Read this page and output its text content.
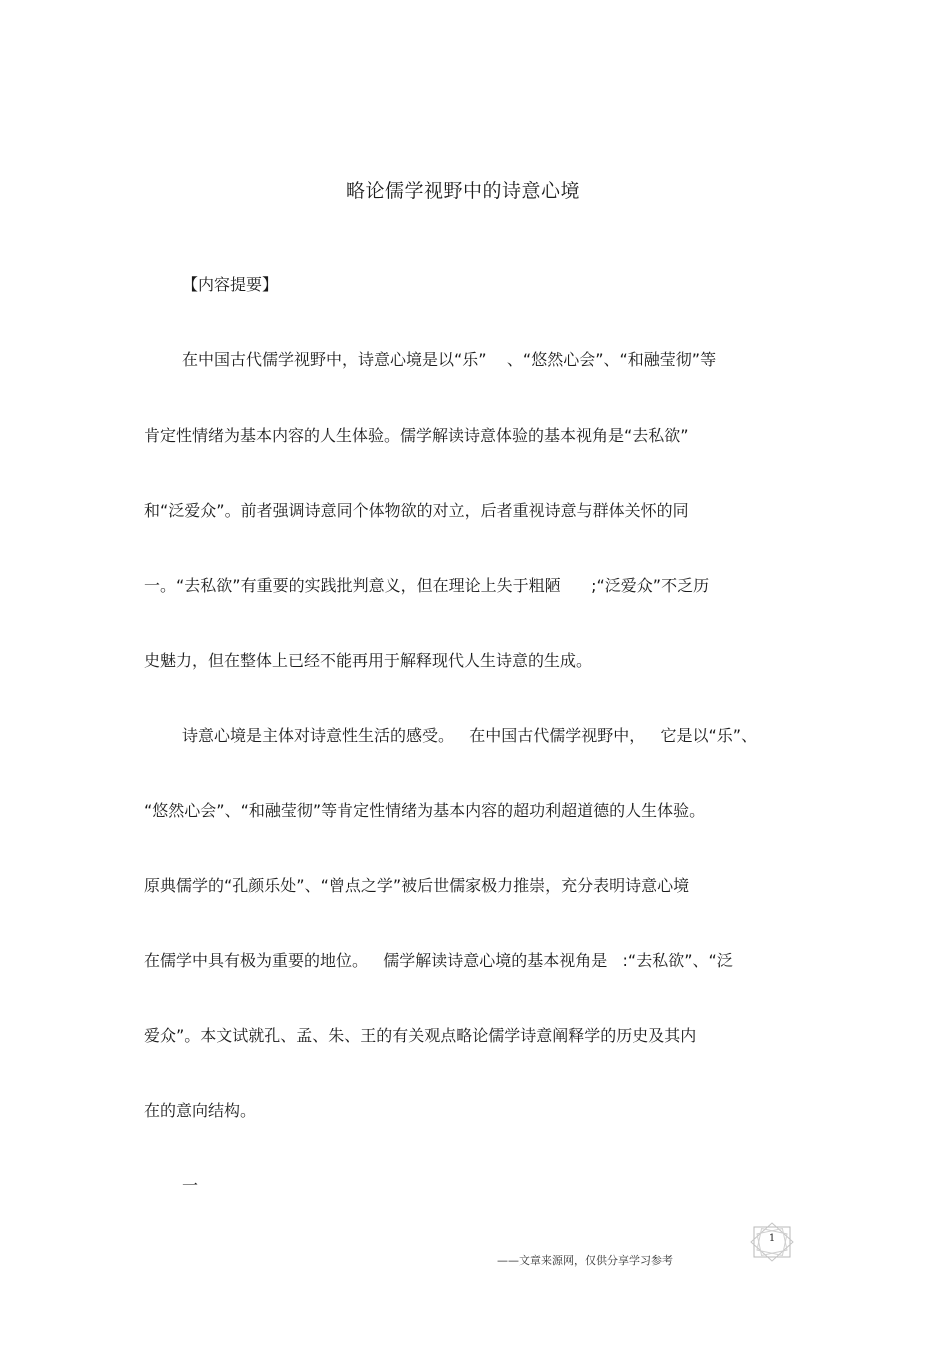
略论儒学视野中的诗意心境
【内容提要】
在中国古代儒学视野中，诗意心境是以“乐”    、“悠然心会”、“和融莹彻”等
肯定性情绪为基本内容的人生体验。儒学解读诗意体验的基本视角是“去私欲”
和“泛爱众”。前者强调诗意同个体物欲的对立，后者重视诗意与群体关怀的同
一。“去私欲”有重要的实践批判意义，但在理论上失于粗陋      ;“泛爱众”不乏历
史魅力，但在整体上已经不能再用于解释现代人生诗意的生成。
诗意心境是主体对诗意性生活的感受。   在中国古代儒学视野中，   它是以“乐”、
“悠然心会”、“和融莹彻”等肯定性情绪为基本内容的超功利超道德的人生体验。
原典儒学的“孔颜乐处”、“曾点之学”被后世儒家极力推崇，充分表明诗意心境
在儒学中具有极为重要的地位。   儒学解读诗意心境的基本视角是   :“去私欲”、“泛
爱众”。本文试就孔、孟、朱、王的有关观点略论儒学诗意阐释学的历史及其内
在的意向结构。
一
——文章来源网，仅供分享学习参考
1
